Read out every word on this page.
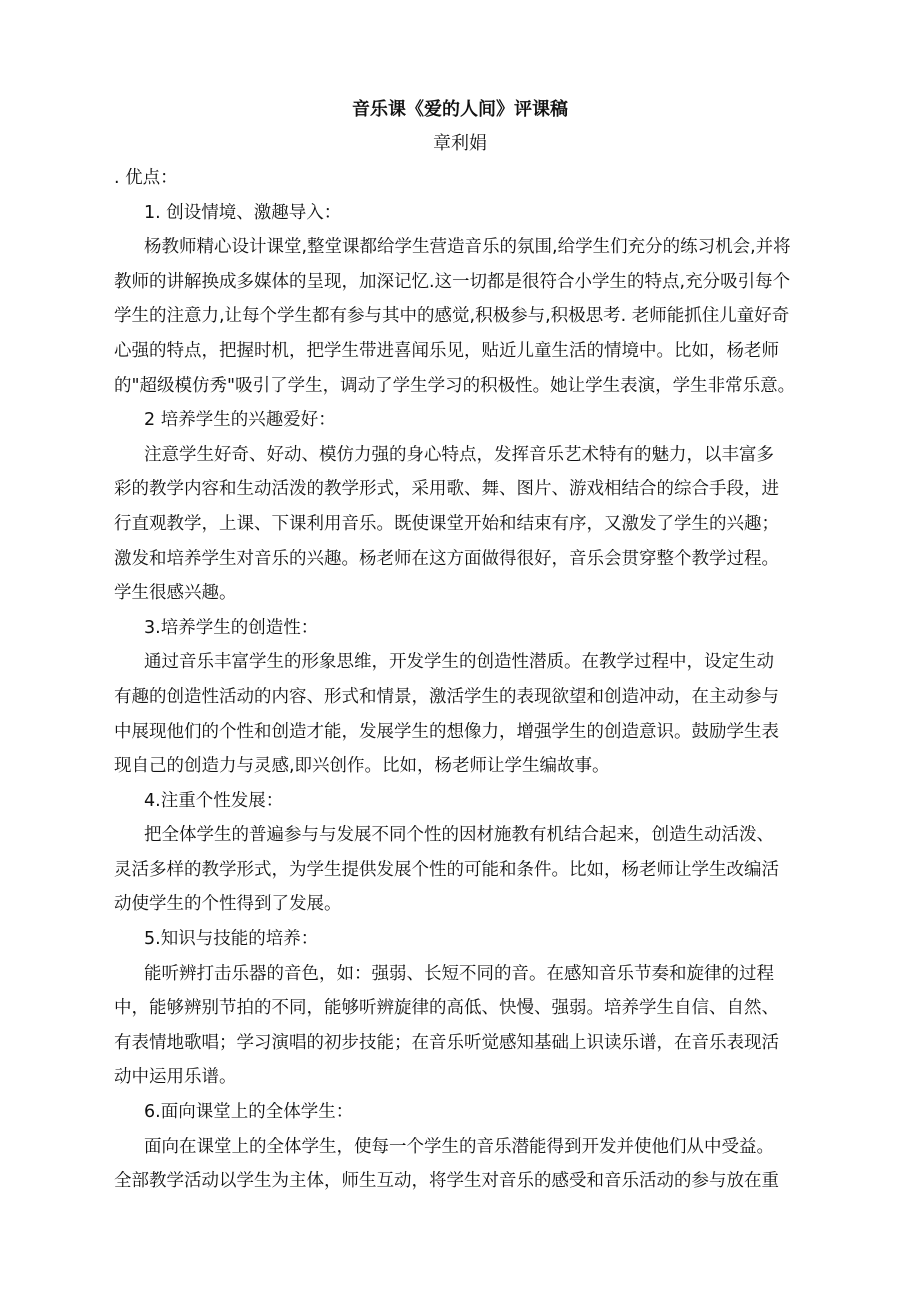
音乐课《爱的人间》评课稿
章利娟
. 优点：
1. 创设情境、激趣导入：
杨教师精心设计课堂,整堂课都给学生营造音乐的氛围,给学生们充分的练习机会,并将
教师的讲解换成多媒体的呈现，加深记忆.这一切都是很符合小学生的特点,充分吸引每个
学生的注意力,让每个学生都有参与其中的感觉,积极参与,积极思考. 老师能抓住儿童好奇
心强的特点，把握时机，把学生带进喜闻乐见，贴近儿童生活的情境中。比如，杨老师
的"超级模仿秀"吸引了学生，调动了学生学习的积极性。她让学生表演，学生非常乐意。
2 培养学生的兴趣爱好：
注意学生好奇、好动、模仿力强的身心特点，发挥音乐艺术特有的魅力，以丰富多
彩的教学内容和生动活泼的教学形式，采用歌、舞、图片、游戏相结合的综合手段，进
行直观教学，上课、下课利用音乐。既使课堂开始和结束有序，又激发了学生的兴趣；
激发和培养学生对音乐的兴趣。杨老师在这方面做得很好，音乐会贯穿整个教学过程。
学生很感兴趣。
3.培养学生的创造性：
通过音乐丰富学生的形象思维，开发学生的创造性潜质。在教学过程中，设定生动
有趣的创造性活动的内容、形式和情景，激活学生的表现欲望和创造冲动，在主动参与
中展现他们的个性和创造才能，发展学生的想像力，增强学生的创造意识。鼓励学生表
现自己的创造力与灵感,即兴创作。比如，杨老师让学生编故事。
4.注重个性发展：
把全体学生的普遍参与与发展不同个性的因材施教有机结合起来，创造生动活泼、
灵活多样的教学形式，为学生提供发展个性的可能和条件。比如，杨老师让学生改编活
动使学生的个性得到了发展。
5.知识与技能的培养：
能听辨打击乐器的音色，如：强弱、长短不同的音。在感知音乐节奏和旋律的过程
中，能够辨别节拍的不同，能够听辨旋律的高低、快慢、强弱。培养学生自信、自然、
有表情地歌唱；学习演唱的初步技能；在音乐听觉感知基础上识读乐谱，在音乐表现活
动中运用乐谱。
6.面向课堂上的全体学生：
面向在课堂上的全体学生，使每一个学生的音乐潜能得到开发并使他们从中受益。
全部教学活动以学生为主体，师生互动，将学生对音乐的感受和音乐活动的参与放在重
